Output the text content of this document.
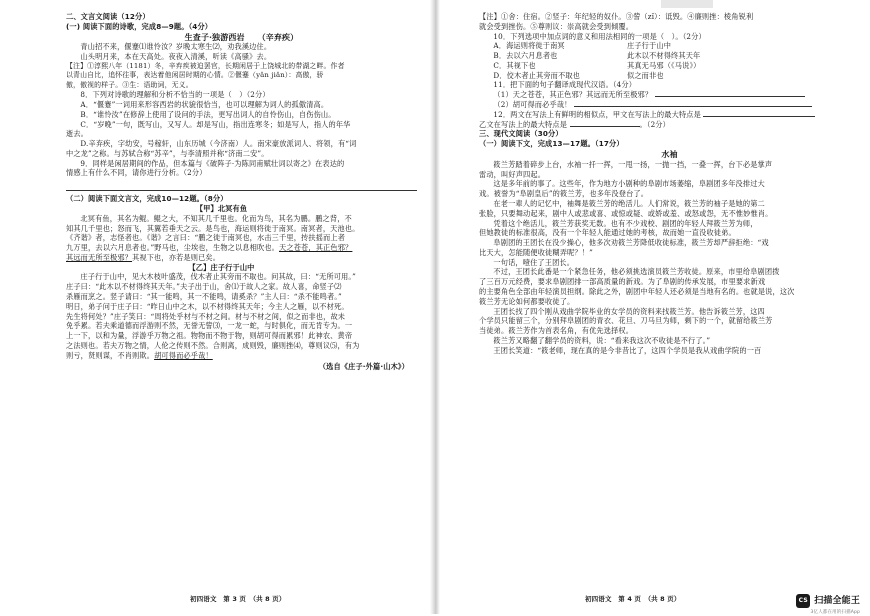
二、文言文阅读（12分）

(一) 阅读下面的诗歌，完成8—9题。（4分）

生查子·独游西岩 （辛弃疾）

青山招不来，偃蹇⑴谁怜汝？岁晚太寒生⑵，劝我溪边住。

山头明月来，本在天高处。夜夜入清溪，听读《高骚》去。

【注】①淳熙八年（1181）冬，辛弃疾被迫罢官，长期闲居于上饶城北的带湖之畔。作者

以青山自比，追怀往事，表达着他闲居时期的心情。②偃蹇（yǎn jiǎn）：高傲，骄

傲，傲视的样子。③生：语助词，无义。

8．下列对诗歌的理解和分析不恰当的一项是（　）（2分）

A．“偃蹇”一词用来形容西岩的状貌很恰当，也可以理解为词人的孤傲清高。

B．“谁怜汝”在修辞上使用了设问的手法，更写出词人的自怜伤山，自伤伤山。

C．“岁晚”一句，既写山，又写人。却是写山，指出连寒冬；如是写人，指人的年华

逝去。

D.辛弃疾，字幼安，号稼轩，山东历城（今济南）人。南宋豪放派词人、将领，有“词

中之龙”之称。与苏轼合称“苏辛”，与李清照并称“济南二安”。

9．同样是闲居期间的作品，但本篇与《破阵子·为陈同甫赋壮词以寄之》在表达的

情感上有什么不同，请你进行分析。（2分）

（二）阅读下面文言文，完成10—12题。（8分）

【甲】北冥有鱼

北冥有鱼，其名为鲲。鲲之大，不知其几千里也。化而为鸟，其名为鹏。鹏之背，不

知其几千里也；怒而飞，其翼若垂天之云。是鸟也，海运则将徙于南冥。南冥者，天池也。

《齐谐》者，志怪者也。《谐》之言曰：“鹏之徙于南冥也，水击三千里，抟扶摇而上者

九万里，去以六月息者也。”野马也，尘埃也，生物之以息相吹也。天之苍苍，其正色邪？

其远而无所至极邪？其视下也，亦若是则已矣。

【乙】庄子行于山中

庄子行于山中，见大木枝叶盛茂，伐木者止其旁而不取也。问其故，曰：“无所可用。”

庄子曰：“此木以不材得终其天年。”夫子出于山，舍⑴于故人之家。故人喜，命竖子⑵

杀雁而烹之。竖子请曰：“其一能鸣，其一不能鸣，请奚杀？”主人曰：“杀不能鸣者。”

明日，弟子问于庄子曰：“昨日山中之木，以不材得终其天年；今主人之雁，以不材死。

先生将何处？”庄子笑曰：“周将处乎材与不材之间。材与不材之间，似之而非也，故未

免乎累。若夫乘道德而浮游则不然，无誉无訾⑶，一龙一蛇，与时俱化，而无肯专为。一

上一下，以和为量，浮游乎万物之祖。物物而不物于物，则胡可得而累邪！此神农、黄帝

之法则也。若夫万物之情，人伦之传则不然。合则离，成则毁，廉则挫⑷，尊则议⑸，有为

则亏，贤则谋，不肖则欺。胡可得而必乎哉！

（选自《庄子·外篇·山木》）

初四语文　第 3 页　（共 8 页）

【注】①舍：住宿。②竖子：年纪轻的奴仆。③訾（zǐ）：诋毁。④廉则挫：棱角锐利

就会受到挫伤。⑤尊则议：崇高就会受到倾覆。

10．下列选项中加点词的意义和用法相同的一项是（　）。（2分）

A．海运则将徙于南冥	庄子行于山中
B．去以六月息者也	此木以不材得终其天年
C．其视下也	其真无马邪（《马说》）
D．佼木者止其旁而不取也	似之而非也

11．把下面的句子翻译成现代汉语。（4分）

（1）天之苍苍，其正色邪？其远而无所至极邪？

（2）胡可得而必乎哉！

12．两文在写法上有鲜明的相似点，甲文在写法上的最大特点是

乙文在写法上的最大特点是	。（2分）

三、现代文阅读（30分）

（一）阅读下文，完成13—17题。（17分）

水袖

筱兰芳踏着碎步上台，水袖一扦一挥，一甩一扬，一抛一挡，一叠一挥，台下必是掌声

雷动，叫好声四起。

这是多年前的事了。这些年，作为地方小剧种的阜剧市场萎缩，阜剧团多年没排过大

戏。被誉为“阜剧皇后”的筱兰芳，也多年没登台了。

在老一辈人的记忆中，袖舞是筱兰芳的绝活儿。人们常说，筱兰芳的袖子是她的第二

张脸，只要舞动起来，剧中人或悲或喜、或惊或疑、或娇或羞、或怒或怨，无不惟妙惟肖。

凭着这个绝活儿，筱兰芳获奖无数。也有不少戏校、剧团的年轻人拜筱兰芳为师，

但她教徒的标准很高，没有一个年轻人能通过她的考核，故而她一直没收徒弟。

阜剧团的王团长在没少操心，他多次劝筱兰芳降低收徒标准，筱兰芳却严辞拒绝：“戏

比天大，怎能随便收徒糊弄呢？！”

一句话，噎住了王团长。

不过，王团长此番是一个紧急任务，他必须挑选演员筱兰芳收徒。原来，市里给阜剧团拨

了三百万元经费，要求阜剧团排一部高质量的新戏。为了阜剧的传承发展，市里要求新戏

的主要角色全部由年轻演员担纲。除此之外，剧团中年轻人还必须是当地有名的。也就是说，这次

筱兰芳无论如何都要收徒了。

王团长找了四个刚从戏曲学院毕业的女学员的资料来找筱兰芳。他告诉筱兰芳，这四

个学员只能留三个，分别拜阜剧团的青衣、花旦、刀马旦为师，剩下的一个，就留给筱兰芳

当徒弟。筱兰芳作为首表名角，有优先选择权。

筱兰芳又略翻了翻学员的资料，说：“看来我这次不收徒是不行了。”

王团长笑道：“筱老师，现在真的是今非昔比了，这四个学员是我从戏曲学院的一百

初四语文　第 4 页　（共 8 页）	CS 扫描全能王
3亿人都在用的扫描App
